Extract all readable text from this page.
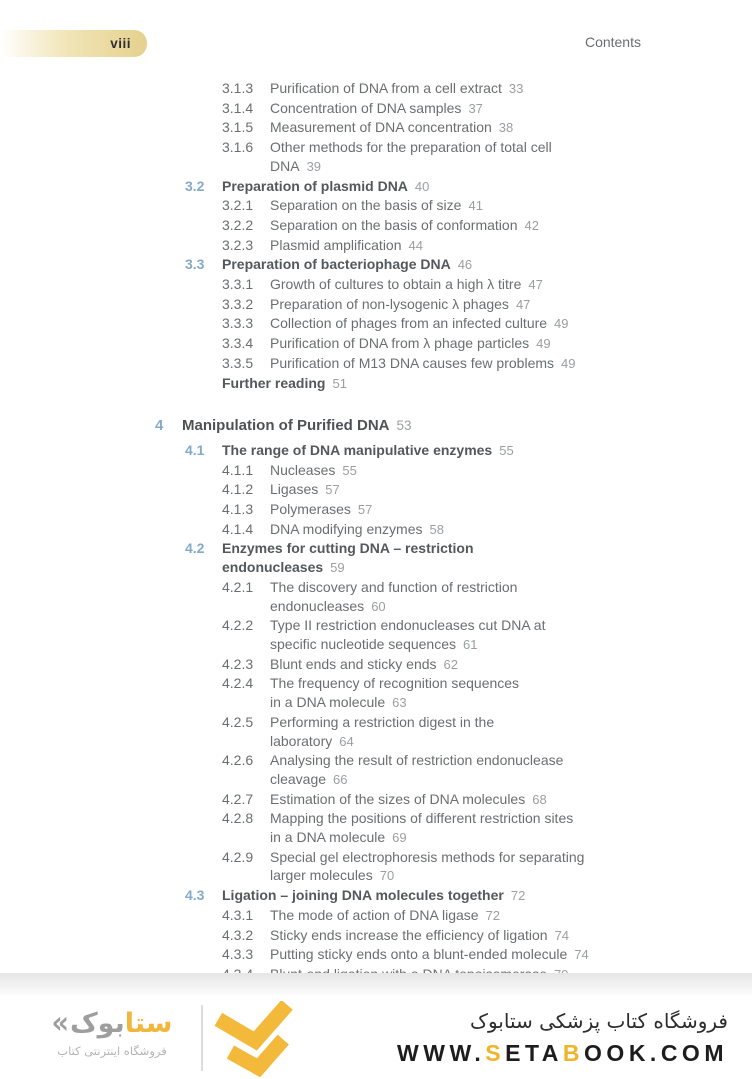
viii	Contents
3.1.3 Purification of DNA from a cell extract 33
3.1.4 Concentration of DNA samples 37
3.1.5 Measurement of DNA concentration 38
3.1.6 Other methods for the preparation of total cell
DNA 39
3.2 Preparation of plasmid DNA 40
3.2.1 Separation on the basis of size 41
3.2.2 Separation on the basis of conformation 42
3.2.3 Plasmid amplification 44
3.3 Preparation of bacteriophage DNA 46
3.3.1 Growth of cultures to obtain a high λ titre 47
3.3.2 Preparation of non-lysogenic λ phages 47
3.3.3 Collection of phages from an infected culture 49
3.3.4 Purification of DNA from λ phage particles 49
3.3.5 Purification of M13 DNA causes few problems 49
Further reading 51
4 Manipulation of Purified DNA 53
4.1 The range of DNA manipulative enzymes 55
4.1.1 Nucleases 55
4.1.2 Ligases 57
4.1.3 Polymerases 57
4.1.4 DNA modifying enzymes 58
4.2 Enzymes for cutting DNA – restriction
endonucleases 59
4.2.1 The discovery and function of restriction
endonucleases 60
4.2.2 Type II restriction endonucleases cut DNA at
specific nucleotide sequences 61
4.2.3 Blunt ends and sticky ends 62
4.2.4 The frequency of recognition sequences
in a DNA molecule 63
4.2.5 Performing a restriction digest in the
laboratory 64
4.2.6 Analysing the result of restriction endonuclease
cleavage 66
4.2.7 Estimation of the sizes of DNA molecules 68
4.2.8 Mapping the positions of different restriction sites
in a DNA molecule 69
4.2.9 Special gel electrophoresis methods for separating
larger molecules 70
4.3 Ligation – joining DNA molecules together 72
4.3.1 The mode of action of DNA ligase 72
4.3.2 Sticky ends increase the efficiency of ligation 74
4.3.3 Putting sticky ends onto a blunt-ended molecule 74
«	ستابوک
فروشگاه اینترنتی کتاب
فروشگاه کتاب پزشکی ستابوک
WWW.SETABOOK.COM
